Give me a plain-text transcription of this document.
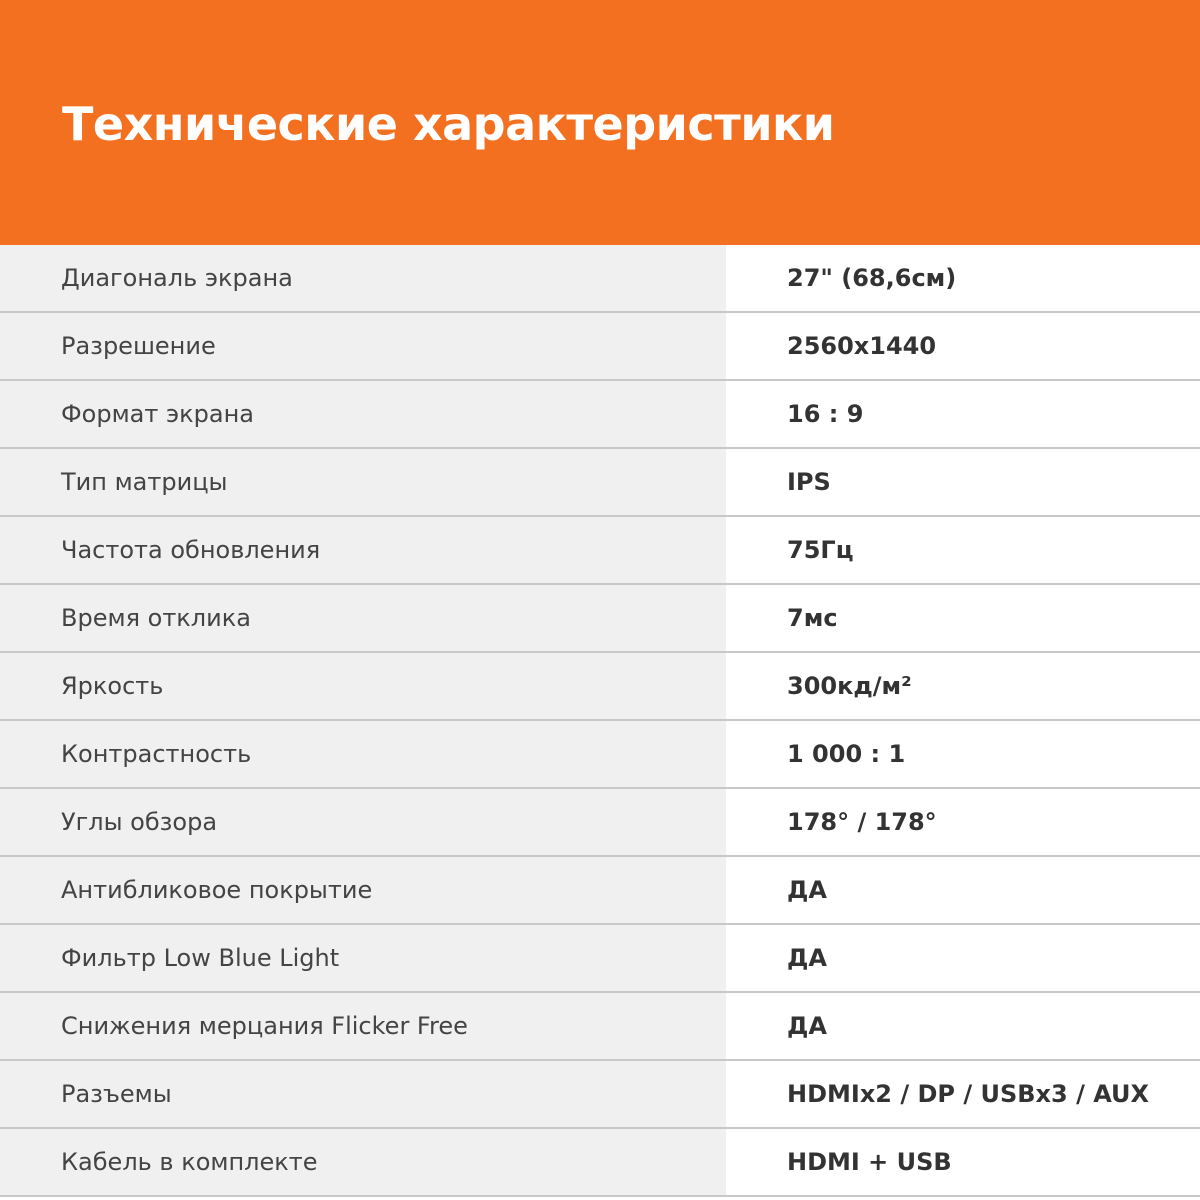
Технические характеристики
Диагональ экрана	27" (68,6см)
Разрешение	2560x1440
Формат экрана	16 : 9
Тип матрицы	IPS
Частота обновления	75Гц
Время отклика	7мс
Яркость	300кд/м²
Контрастность	1 000 : 1
Углы обзора	178° / 178°
Антибликовое покрытие	ДА
Фильтр Low Blue Light	ДА
Снижения мерцания Flicker Free	ДА
Разъемы	HDMIx2 / DP / USBx3 / AUX
Кабель в комплекте	HDMI + USB
